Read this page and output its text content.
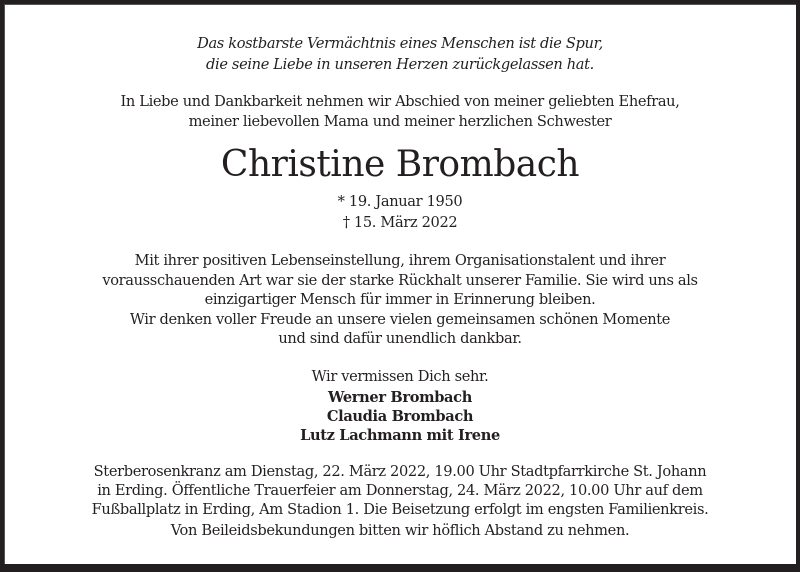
Das kostbarste Vermächtnis eines Menschen ist die Spur,
die seine Liebe in unseren Herzen zurückgelassen hat.
In Liebe und Dankbarkeit nehmen wir Abschied von meiner geliebten Ehefrau,
meiner liebevollen Mama und meiner herzlichen Schwester
Christine Brombach
* 19. Januar 1950
† 15. März 2022
Mit ihrer positiven Lebenseinstellung, ihrem Organisationstalent und ihrer
vorausschauenden Art war sie der starke Rückhalt unserer Familie. Sie wird uns als
einzigartiger Mensch für immer in Erinnerung bleiben.
Wir denken voller Freude an unsere vielen gemeinsamen schönen Momente
und sind dafür unendlich dankbar.
Wir vermissen Dich sehr.
Werner Brombach
Claudia Brombach
Lutz Lachmann mit Irene
Sterberosenkranz am Dienstag, 22. März 2022, 19.00 Uhr Stadtpfarrkirche St. Johann
in Erding. Öffentliche Trauerfeier am Donnerstag, 24. März 2022, 10.00 Uhr auf dem
Fußballplatz in Erding, Am Stadion 1. Die Beisetzung erfolgt im engsten Familienkreis.
Von Beileidsbekundungen bitten wir höflich Abstand zu nehmen.
